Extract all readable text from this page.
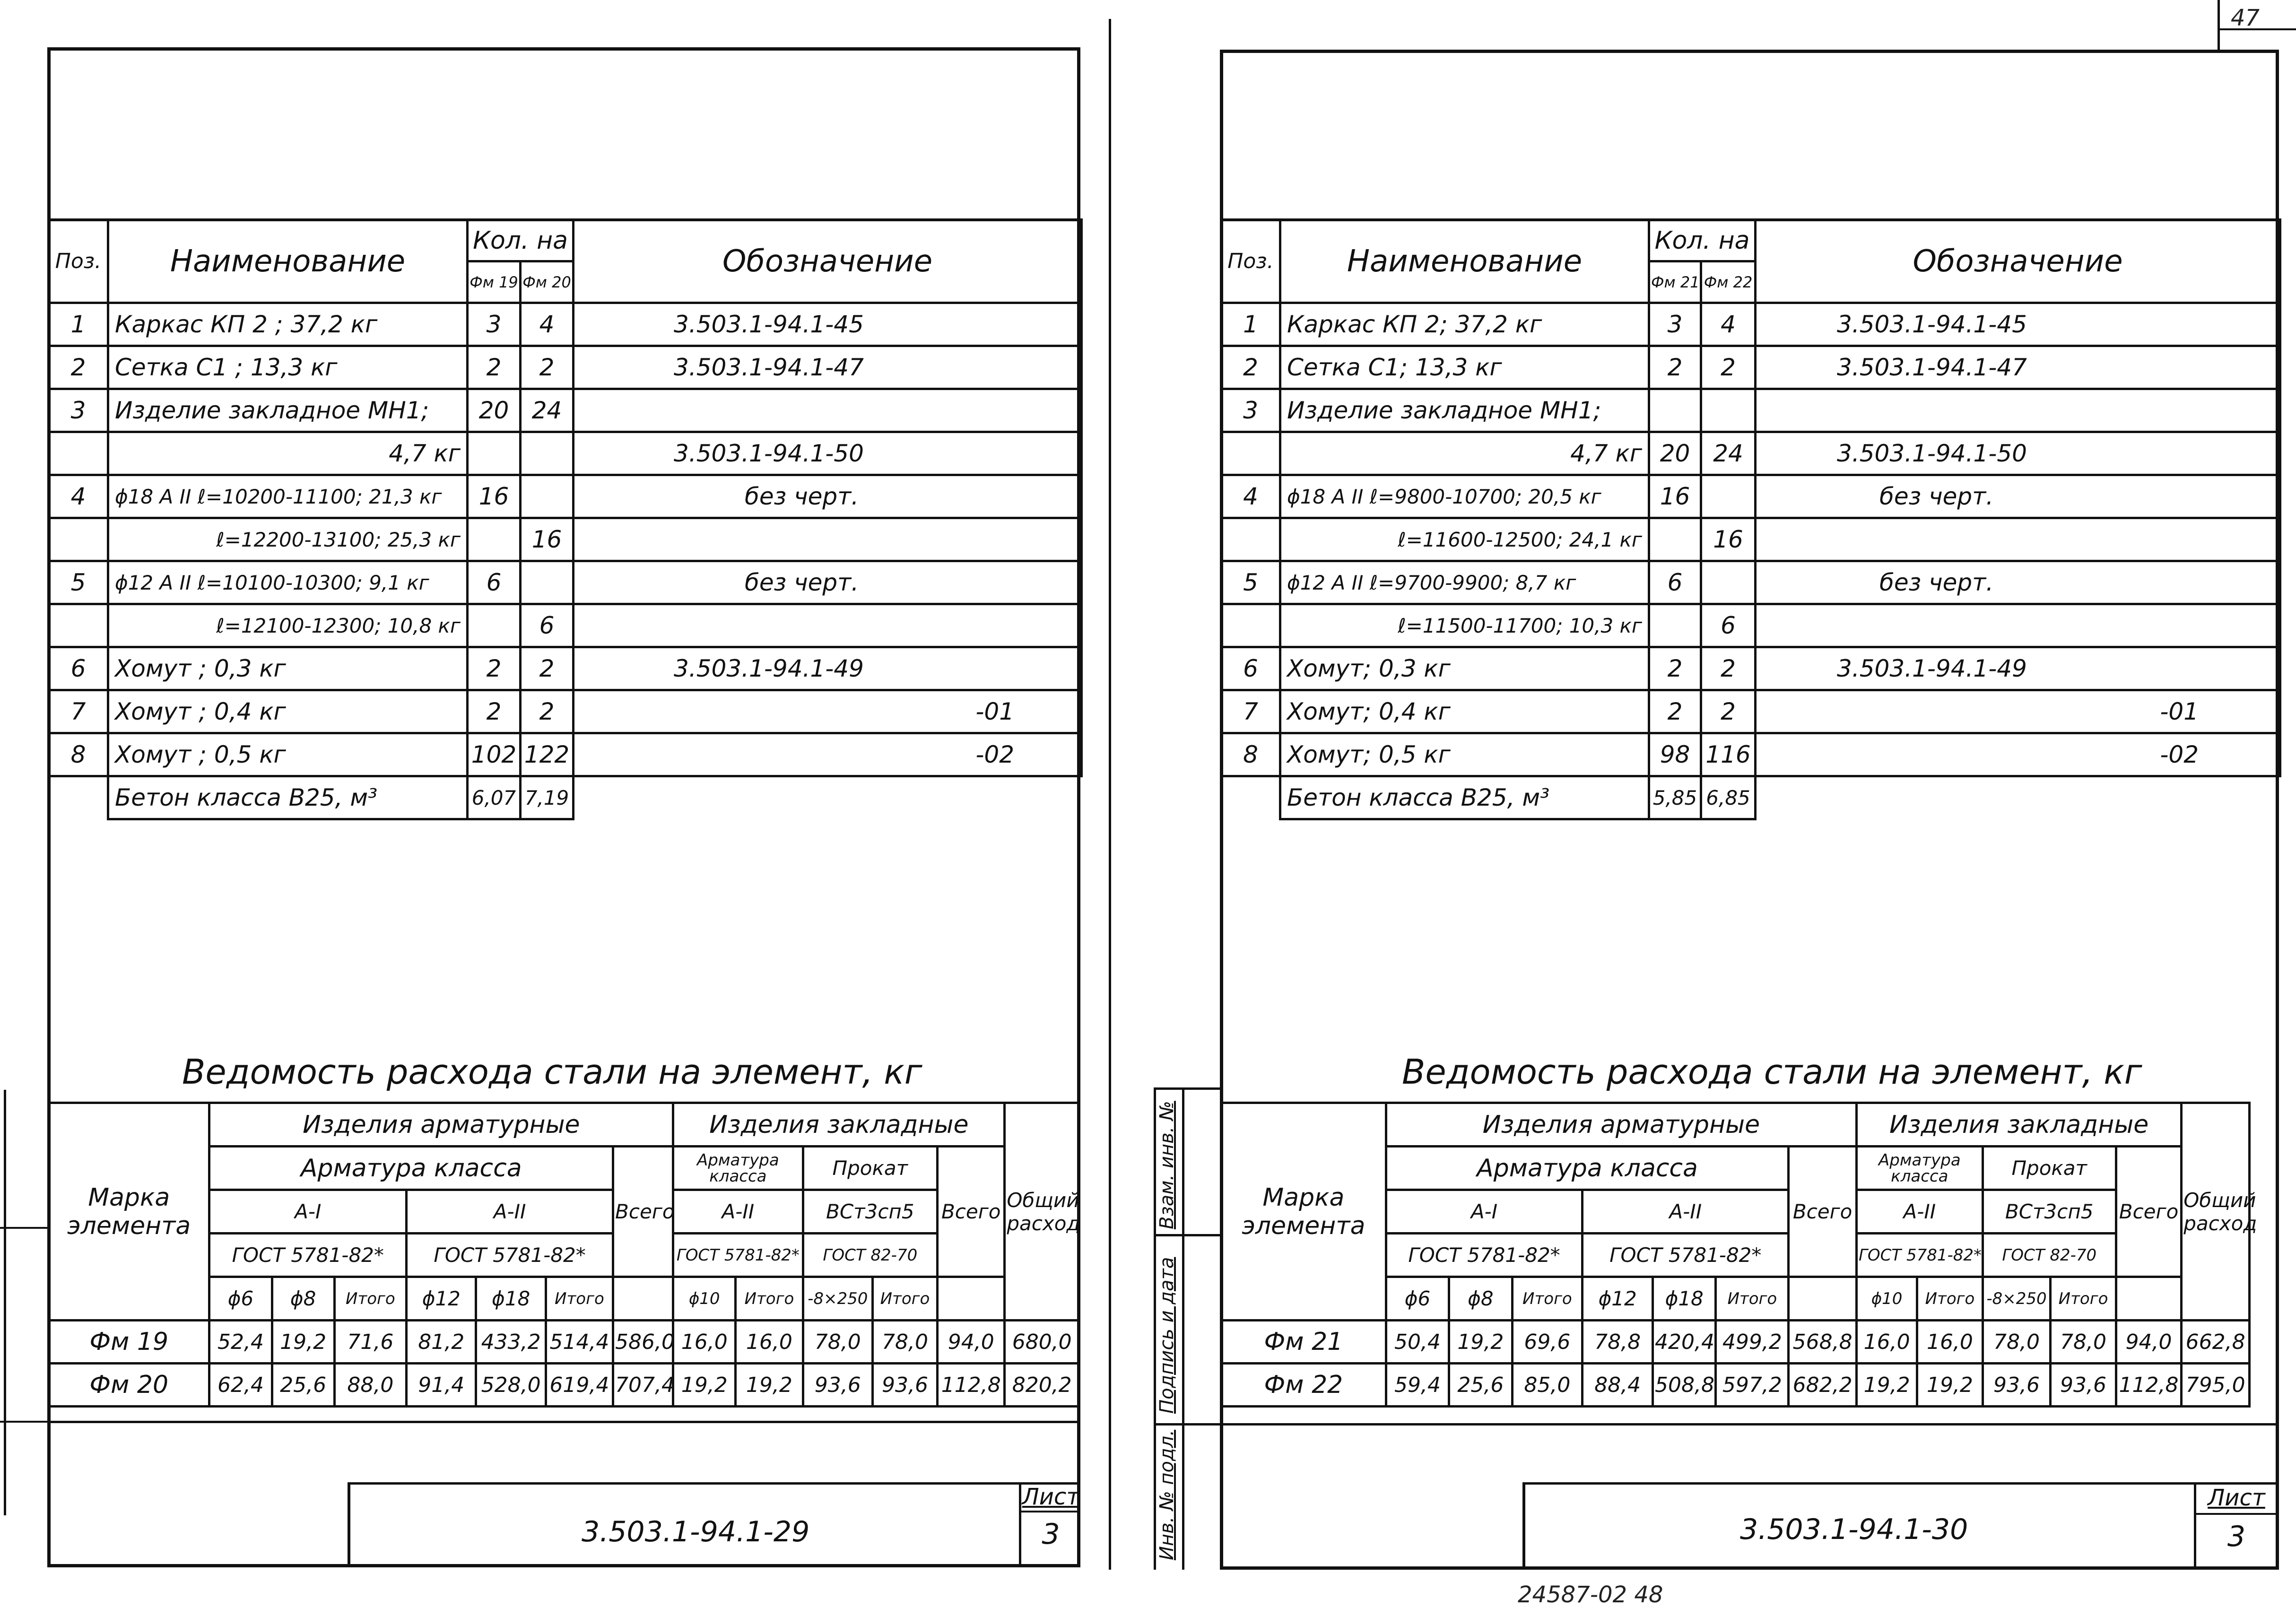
Поз.	Наименование	Кол. на		Обозначение
		Фм 19	Фм 20	
1	Каркас КП 2 ; 37,2 кг	3	4	3.503.1-94.1-45
2	Сетка С1 ; 13,3 кг	2	2	3.503.1-94.1-47
3	Изделие закладное МН1;	20	24	
	4,7 кг			3.503.1-94.1-50
4	ϕ18 A II ℓ=10200-11100; 21,3 кг	16		без черт.
	ℓ=12200-13100; 25,3 кг		16	
5	ϕ12 A II ℓ=10100-10300; 9,1 кг	6		без черт.
	ℓ=12100-12300; 10,8 кг		6	
6	Хомут ; 0,3 кг	2	2	3.503.1-94.1-49
7	Хомут ; 0,4 кг	2	2	-01
8	Хомут ; 0,5 кг	102	122	-02
	Бетон класса В25, м³	6,07	7,19	
Ведомость расхода стали на элемент, кг
Марка элемента	Изделия арматурные							Изделия закладные					Общий расход
	Арматура класса						Всего	Арматура класса		Прокат		Всего	
	A-I			A-II				A-II		ВСт3сп5			
	ГОСТ 5781-82*			ГОСТ 5781-82*				ГОСТ 5781-82*		ГОСТ 82-70			
	ϕ6	ϕ8	Итого	ϕ12	ϕ18	Итого		ϕ10	Итого	-8×250	Итого		
Фм 19	52,4	19,2	71,6	81,2	433,2	514,4	586,0	16,0	16,0	78,0	78,0	94,0	680,0
Фм 20	62,4	25,6	88,0	91,4	528,0	619,4	707,4	19,2	19,2	93,6	93,6	112,8	820,2
3.503.1-94.1-29
Лист
3
Поз.	Наименование	Кол. на		Обозначение
		Фм 21	Фм 22	
1	Каркас КП 2; 37,2 кг	3	4	3.503.1-94.1-45
2	Сетка С1; 13,3 кг	2	2	3.503.1-94.1-47
3	Изделие закладное МН1;			
	4,7 кг	20	24	3.503.1-94.1-50
4	ϕ18 A II ℓ=9800-10700; 20,5 кг	16		без черт.
	ℓ=11600-12500; 24,1 кг		16	
5	ϕ12 A II ℓ=9700-9900; 8,7 кг	6		без черт.
	ℓ=11500-11700; 10,3 кг		6	
6	Хомут; 0,3 кг	2	2	3.503.1-94.1-49
7	Хомут; 0,4 кг	2	2	-01
8	Хомут; 0,5 кг	98	116	-02
	Бетон класса В25, м³	5,85	6,85	
Ведомость расхода стали на элемент, кг
Марка элемента	Изделия арматурные							Изделия закладные					Общий расход
	Арматура класса						Всего	Арматура класса		Прокат		Всего	
	A-I			A-II				A-II		ВСт3сп5			
	ГОСТ 5781-82*			ГОСТ 5781-82*				ГОСТ 5781-82*		ГОСТ 82-70			
	ϕ6	ϕ8	Итого	ϕ12	ϕ18	Итого		ϕ10	Итого	-8×250	Итого		
Фм 21	50,4	19,2	69,6	78,8	420,4	499,2	568,8	16,0	16,0	78,0	78,0	94,0	662,8
Фм 22	59,4	25,6	85,0	88,4	508,8	597,2	682,2	19,2	19,2	93,6	93,6	112,8	795,0
3.503.1-94.1-30
Лист
3
Инв. № подл.
Подпись и дата
Взам. инв. №
47
24587-02 48
